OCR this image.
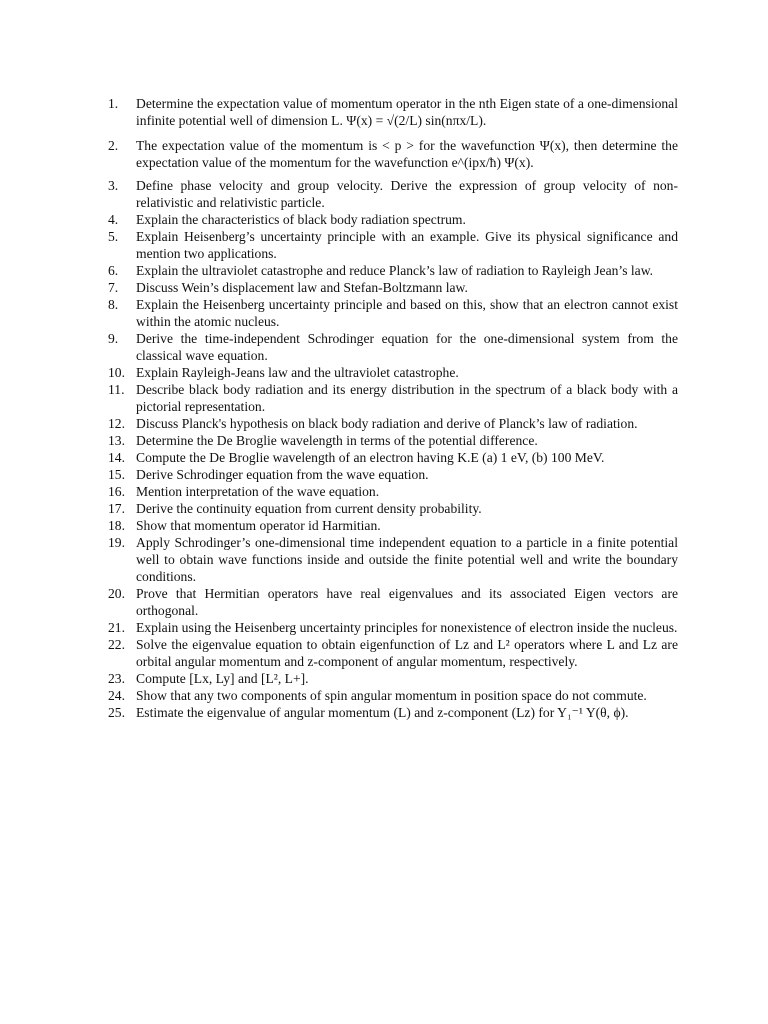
1.	Determine the expectation value of momentum operator in the nth Eigen state of a one-dimensional infinite potential well of dimension L. Ψ(x) = √(2/L) sin(nπx/L).
2.	The expectation value of the momentum is < p > for the wavefunction Ψ(x), then determine the expectation value of the momentum for the wavefunction e^(ipx/ħ) Ψ(x).
3.	Define phase velocity and group velocity. Derive the expression of group velocity of non-relativistic and relativistic particle.
4.	Explain the characteristics of black body radiation spectrum.
5.	Explain Heisenberg’s uncertainty principle with an example. Give its physical significance and mention two applications.
6.	Explain the ultraviolet catastrophe and reduce Planck’s law of radiation to Rayleigh Jean’s law.
7.	Discuss Wein’s displacement law and Stefan-Boltzmann law.
8.	Explain the Heisenberg uncertainty principle and based on this, show that an electron cannot exist within the atomic nucleus.
9.	Derive the time-independent Schrodinger equation for the one-dimensional system from the classical wave equation.
10. Explain Rayleigh-Jeans law and the ultraviolet catastrophe.
11. Describe black body radiation and its energy distribution in the spectrum of a black body with a pictorial representation.
12. Discuss Planck's hypothesis on black body radiation and derive of Planck’s law of radiation.
13. Determine the De Broglie wavelength in terms of the potential difference.
14. Compute the De Broglie wavelength of an electron having K.E (a) 1 eV, (b) 100 MeV.
15. Derive Schrodinger equation from the wave equation.
16. Mention interpretation of the wave equation.
17. Derive the continuity equation from current density probability.
18. Show that momentum operator id Harmitian.
19. Apply Schrodinger’s one-dimensional time independent equation to a particle in a finite potential well to obtain wave functions inside and outside the finite potential well and write the boundary conditions.
20. Prove that Hermitian operators have real eigenvalues and its associated Eigen vectors are orthogonal.
21. Explain using the Heisenberg uncertainty principles for nonexistence of electron inside the nucleus.
22. Solve the eigenvalue equation to obtain eigenfunction of Lz and L² operators where L and Lz are orbital angular momentum and z-component of angular momentum, respectively.
23. Compute [Lx, Ly] and [L², L+].
24. Show that any two components of spin angular momentum in position space do not commute.
25. Estimate the eigenvalue of angular momentum (L) and z-component (Lz) for Y₁⁻¹ Y(θ, ϕ).
